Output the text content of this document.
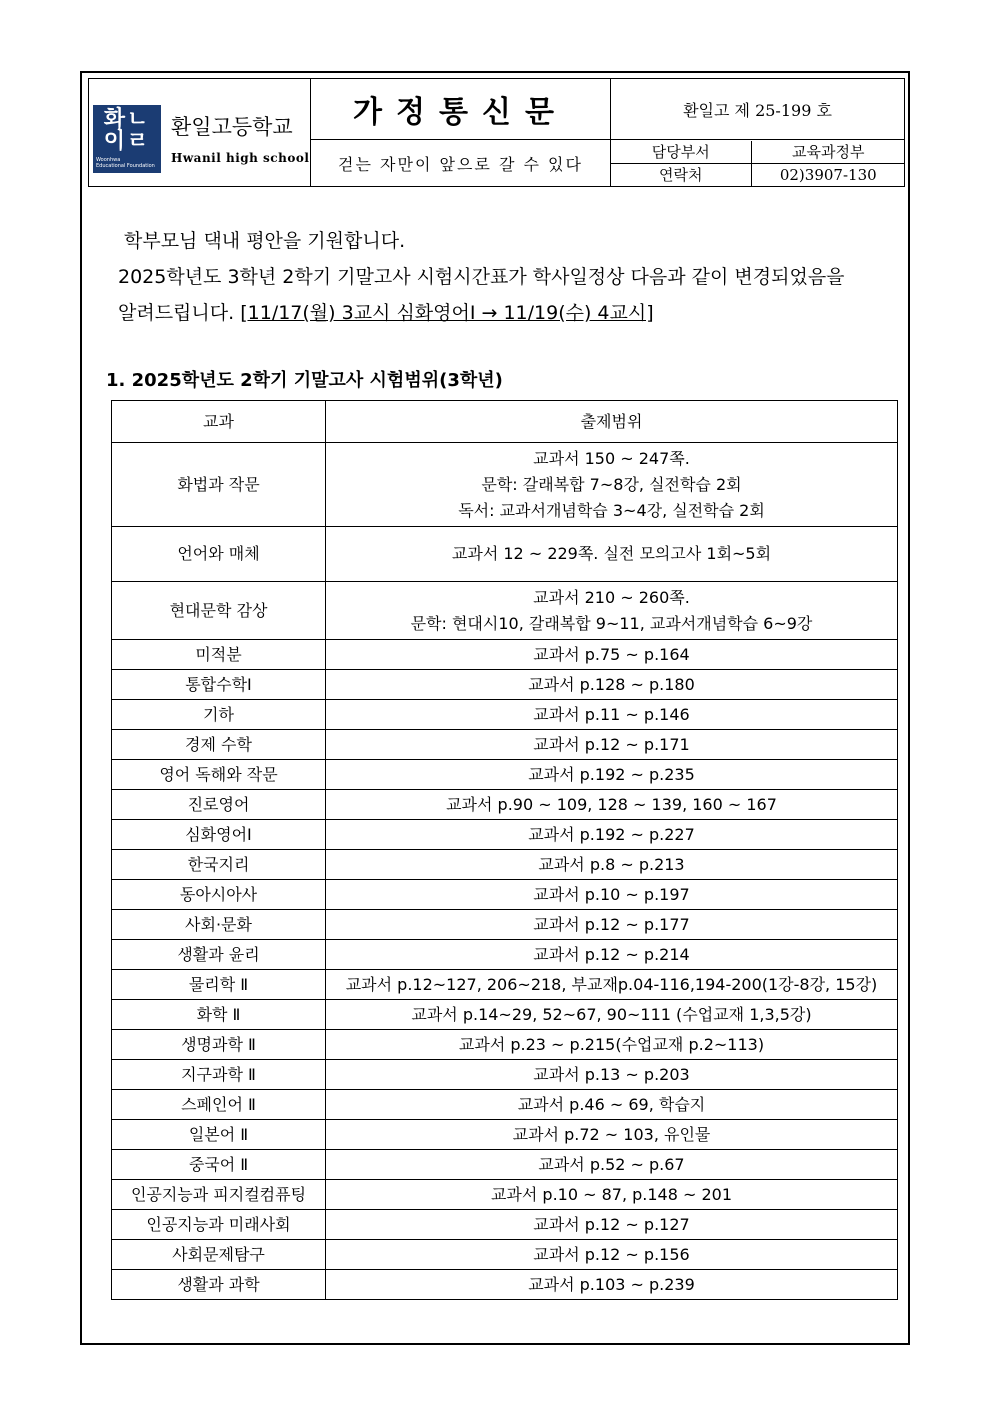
화ㄴ
이ㄹ
Woonhwa
Educational Foundation
환일고등학교
Hwanil high school
	가정통신문	환일고 제 25-199 호
걷는 자만이 앞으로 갈 수 있다	
담당부서	교육과정부
연락처	02)3907-130

학부모님 댁내 평안을 기원합니다.

2025학년도 3학년 2학기 기말고사 시험시간표가 학사일정상 다음과 같이 변경되었음을

알려드립니다. [11/17(월) 3교시 심화영어Ⅰ → 11/19(수) 4교시]

1. 2025학년도 2학기 기말고사 시험범위(3학년)
교과	출제범위
화법과 작문	교과서 150 ~ 247쪽.
문학: 갈래복합 7~8강, 실전학습 2회
독서: 교과서개념학습 3~4강, 실전학습 2회

언어와 매체	교과서 12 ~ 229쪽. 실전 모의고사 1회~5회

현대문학 감상	교과서 210 ~ 260쪽.
문학: 현대시10, 갈래복합 9~11, 교과서개념학습 6~9강

미적분	교과서 p.75 ~ p.164

통합수학Ⅰ	교과서 p.128 ~ p.180

기하	교과서 p.11 ~ p.146

경제 수학	교과서 p.12 ~ p.171

영어 독해와 작문	교과서 p.192 ~ p.235

진로영어	교과서 p.90 ~ 109, 128 ~ 139, 160 ~ 167

심화영어Ⅰ	교과서 p.192 ~ p.227

한국지리	교과서 p.8 ~ p.213

동아시아사	교과서 p.10 ~ p.197

사회·문화	교과서 p.12 ~ p.177

생활과 윤리	교과서 p.12 ~ p.214

물리학 Ⅱ	교과서 p.12~127, 206~218, 부교재p.04-116,194-200(1강-8강, 15강)

화학 Ⅱ	교과서 p.14~29, 52~67, 90~111 (수업교재 1,3,5강)

생명과학 Ⅱ	교과서 p.23 ~ p.215(수업교재 p.2~113)

지구과학 Ⅱ	교과서 p.13 ~ p.203

스페인어 Ⅱ	교과서 p.46 ~ 69, 학습지

일본어 Ⅱ	교과서 p.72 ~ 103, 유인물

중국어 Ⅱ	교과서 p.52 ~ p.67

인공지능과 피지컬컴퓨팅	교과서 p.10 ~ 87, p.148 ~ 201

인공지능과 미래사회	교과서 p.12 ~ p.127

사회문제탐구	교과서 p.12 ~ p.156

생활과 과학	교과서 p.103 ~ p.239
